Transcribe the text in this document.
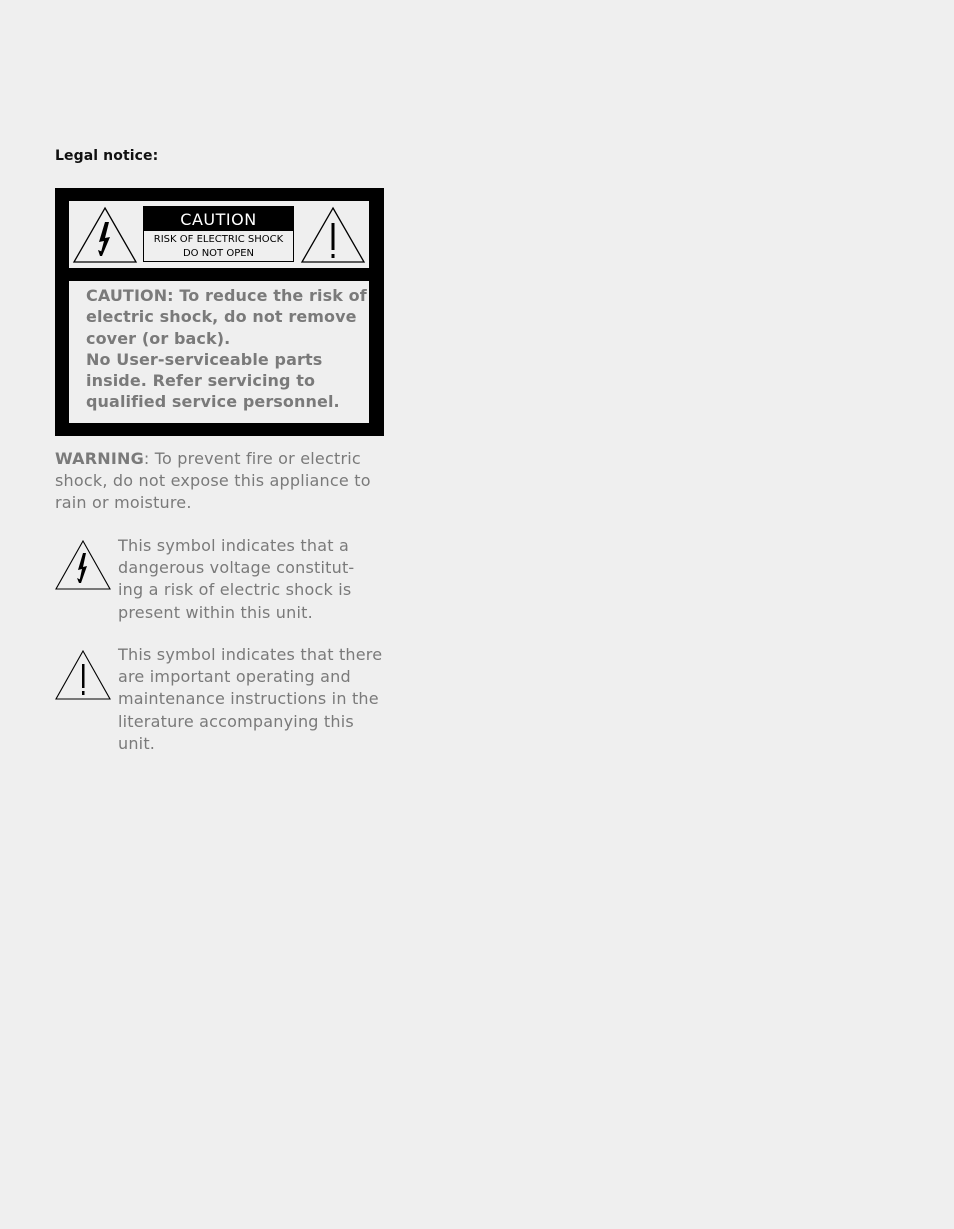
Legal notice:
CAUTION
RISK OF ELECTRIC SHOCK
DO NOT OPEN
CAUTION: To reduce the risk of
electric shock, do not remove
cover (or back).
No User-serviceable parts
inside. Refer servicing to
qualified service personnel.
WARNING: To prevent fire or electric shock, do not expose this appliance to rain or moisture.
This symbol indicates that a
dangerous voltage constitut-
ing a risk of electric shock is
present within this unit.
This symbol indicates that there
are important operating and
maintenance instructions in the
literature accompanying this
unit.
